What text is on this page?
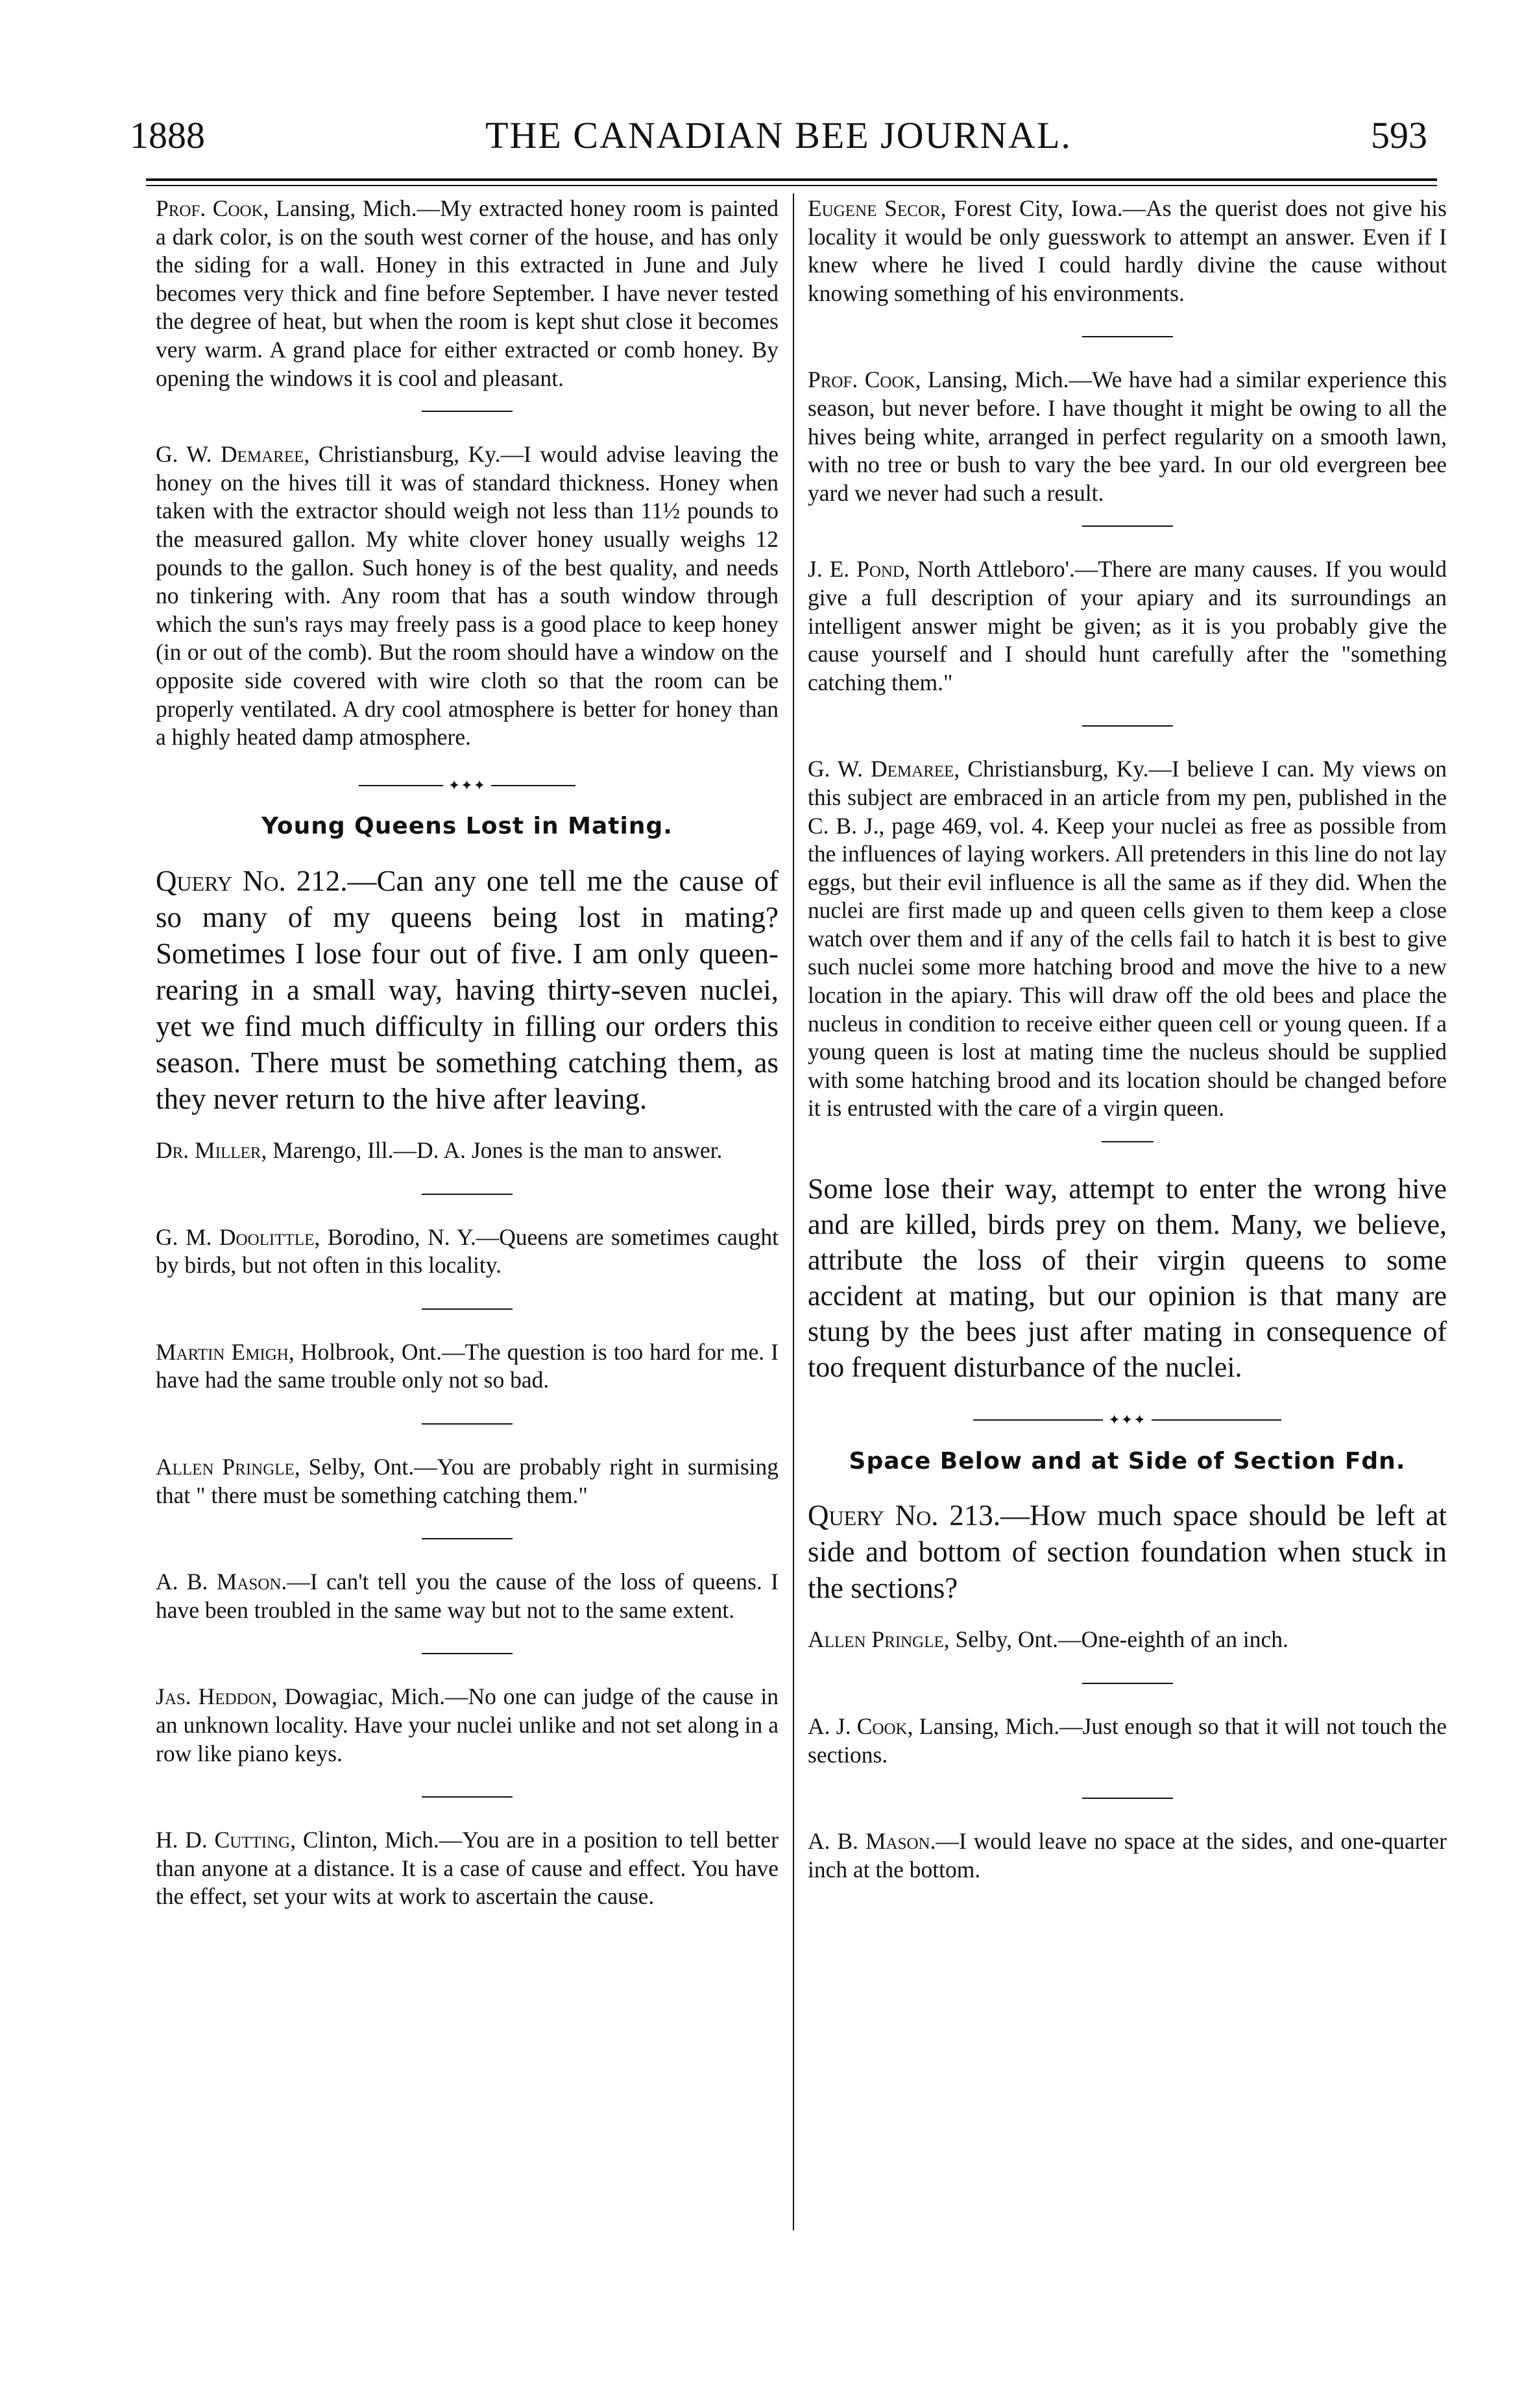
1888	THE CANADIAN BEE JOURNAL.	593

Prof. Cook, Lansing, Mich.—My extracted honey room is painted a dark color, is on the south west corner of the house, and has only the siding for a wall. Honey in this extracted in June and July becomes very thick and fine before September. I have never tested the degree of heat, but when the room is kept shut close it becomes very warm. A grand place for either extracted or comb honey. By opening the windows it is cool and pleasant.

G. W. Demaree, Christiansburg, Ky.—I would advise leaving the honey on the hives till it was of standard thickness. Honey when taken with the extractor should weigh not less than 11½ pounds to the measured gallon. My white clover honey usually weighs 12 pounds to the gallon. Such honey is of the best quality, and needs no tinkering with. Any room that has a south window through which the sun's rays may freely pass is a good place to keep honey (in or out of the comb). But the room should have a window on the opposite side covered with wire cloth so that the room can be properly ventilated. A dry cool atmosphere is better for honey than a highly heated damp atmosphere.

✦✦✦
Young Queens Lost in Mating.

Query No. 212.—Can any one tell me the cause of so many of my queens being lost in mating? Sometimes I lose four out of five. I am only queen-rearing in a small way, having thirty-seven nuclei, yet we find much difficulty in filling our orders this season. There must be something catching them, as they never return to the hive after leaving.

Dr. Miller, Marengo, Ill.—D. A. Jones is the man to answer.

G. M. Doolittle, Borodino, N. Y.—Queens are sometimes caught by birds, but not often in this locality.

Martin Emigh, Holbrook, Ont.—The question is too hard for me. I have had the same trouble only not so bad.

Allen Pringle, Selby, Ont.—You are probably right in surmising that " there must be something catching them."

A. B. Mason.—I can't tell you the cause of the loss of queens. I have been troubled in the same way but not to the same extent.

Jas. Heddon, Dowagiac, Mich.—No one can judge of the cause in an unknown locality. Have your nuclei unlike and not set along in a row like piano keys.

H. D. Cutting, Clinton, Mich.—You are in a position to tell better than anyone at a distance. It is a case of cause and effect. You have the effect, set your wits at work to ascertain the cause.

Eugene Secor, Forest City, Iowa.—As the querist does not give his locality it would be only guesswork to attempt an answer. Even if I knew where he lived I could hardly divine the cause without knowing something of his environments.

Prof. Cook, Lansing, Mich.—We have had a similar experience this season, but never before. I have thought it might be owing to all the hives being white, arranged in perfect regularity on a smooth lawn, with no tree or bush to vary the bee yard. In our old evergreen bee yard we never had such a result.

J. E. Pond, North Attleboro'.—There are many causes. If you would give a full description of your apiary and its surroundings an intelligent answer might be given; as it is you probably give the cause yourself and I should hunt carefully after the "something catching them."

G. W. Demaree, Christiansburg, Ky.—I believe I can. My views on this subject are embraced in an article from my pen, published in the C. B. J., page 469, vol. 4. Keep your nuclei as free as possible from the influences of laying workers. All pretenders in this line do not lay eggs, but their evil influence is all the same as if they did. When the nuclei are first made up and queen cells given to them keep a close watch over them and if any of the cells fail to hatch it is best to give such nuclei some more hatching brood and move the hive to a new location in the apiary. This will draw off the old bees and place the nucleus in condition to receive either queen cell or young queen. If a young queen is lost at mating time the nucleus should be supplied with some hatching brood and its location should be changed before it is entrusted with the care of a virgin queen.

Some lose their way, attempt to enter the wrong hive and are killed, birds prey on them. Many, we believe, attribute the loss of their virgin queens to some accident at mating, but our opinion is that many are stung by the bees just after mating in consequence of too frequent disturbance of the nuclei.

✦✦✦
Space Below and at Side of Section Fdn.

Query No. 213.—How much space should be left at side and bottom of section foundation when stuck in the sections?

Allen Pringle, Selby, Ont.—One-eighth of an inch.

A. J. Cook, Lansing, Mich.—Just enough so that it will not touch the sections.

A. B. Mason.—I would leave no space at the sides, and one-quarter inch at the bottom.
